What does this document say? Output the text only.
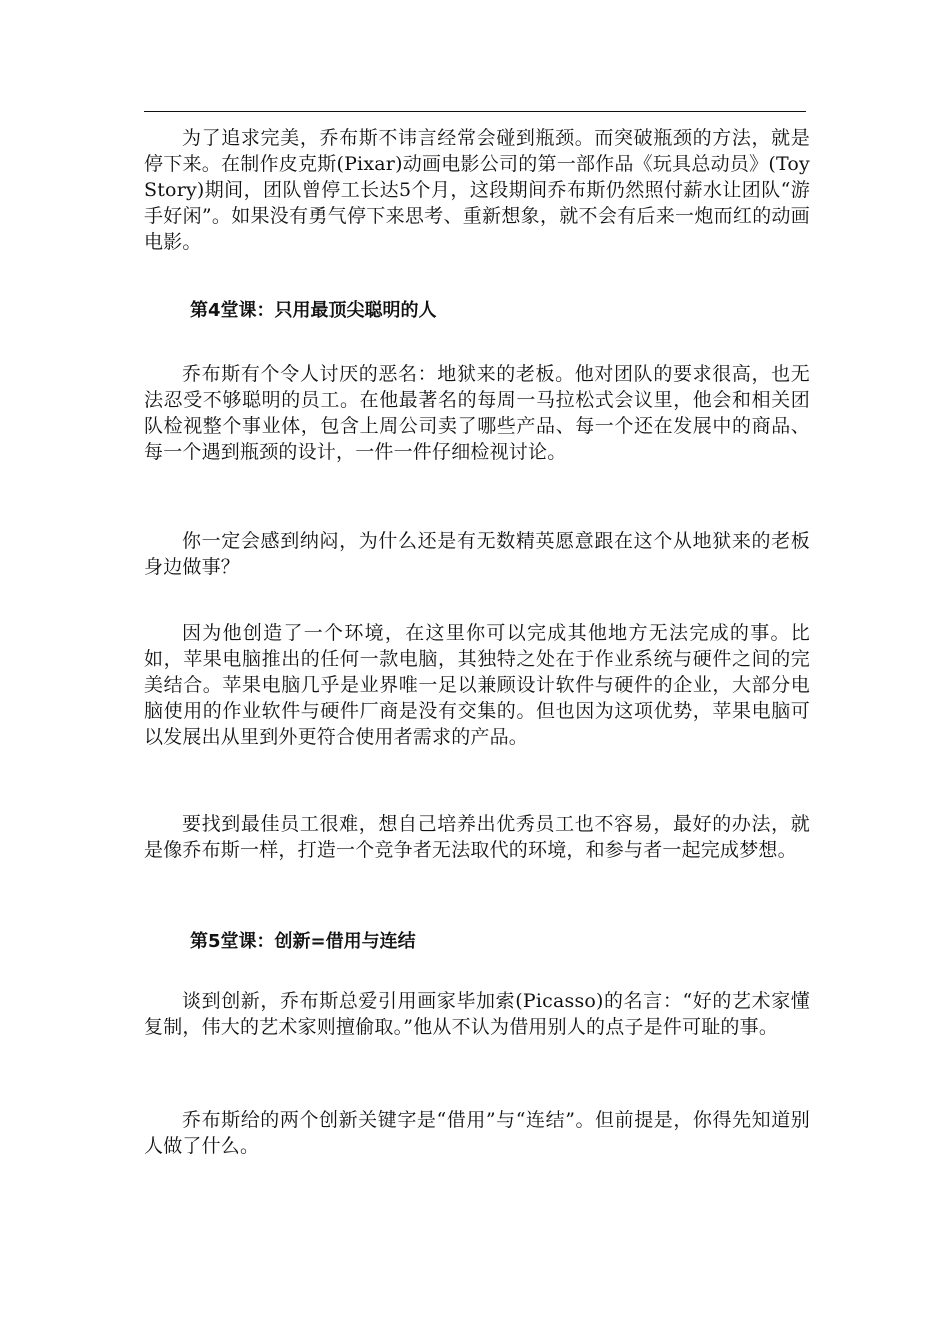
为了追求完美，乔布斯不讳言经常会碰到瓶颈。而突破瓶颈的方法，就是停下来。在制作皮克斯(Pixar)动画电影公司的第一部作品《玩具总动员》(Toy Story)期间，团队曾停工长达5个月，这段期间乔布斯仍然照付薪水让团队“游手好闲”。如果没有勇气停下来思考、重新想象，就不会有后来一炮而红的动画电影。

第4堂课：只用最顶尖聪明的人

乔布斯有个令人讨厌的恶名：地狱来的老板。他对团队的要求很高，也无法忍受不够聪明的员工。在他最著名的每周一马拉松式会议里，他会和相关团队检视整个事业体，包含上周公司卖了哪些产品、每一个还在发展中的商品、每一个遇到瓶颈的设计，一件一件仔细检视讨论。

你一定会感到纳闷，为什么还是有无数精英愿意跟在这个从地狱来的老板身边做事？

因为他创造了一个环境，在这里你可以完成其他地方无法完成的事。比如，苹果电脑推出的任何一款电脑，其独特之处在于作业系统与硬件之间的完美结合。苹果电脑几乎是业界唯一足以兼顾设计软件与硬件的企业，大部分电脑使用的作业软件与硬件厂商是没有交集的。但也因为这项优势，苹果电脑可以发展出从里到外更符合使用者需求的产品。

要找到最佳员工很难，想自己培养出优秀员工也不容易，最好的办法，就是像乔布斯一样，打造一个竞争者无法取代的环境，和参与者一起完成梦想。

第5堂课：创新=借用与连结

谈到创新，乔布斯总爱引用画家毕加索(Picasso)的名言：“好的艺术家懂复制，伟大的艺术家则擅偷取。”他从不认为借用别人的点子是件可耻的事。

乔布斯给的两个创新关键字是“借用”与“连结”。但前提是，你得先知道别人做了什么。
